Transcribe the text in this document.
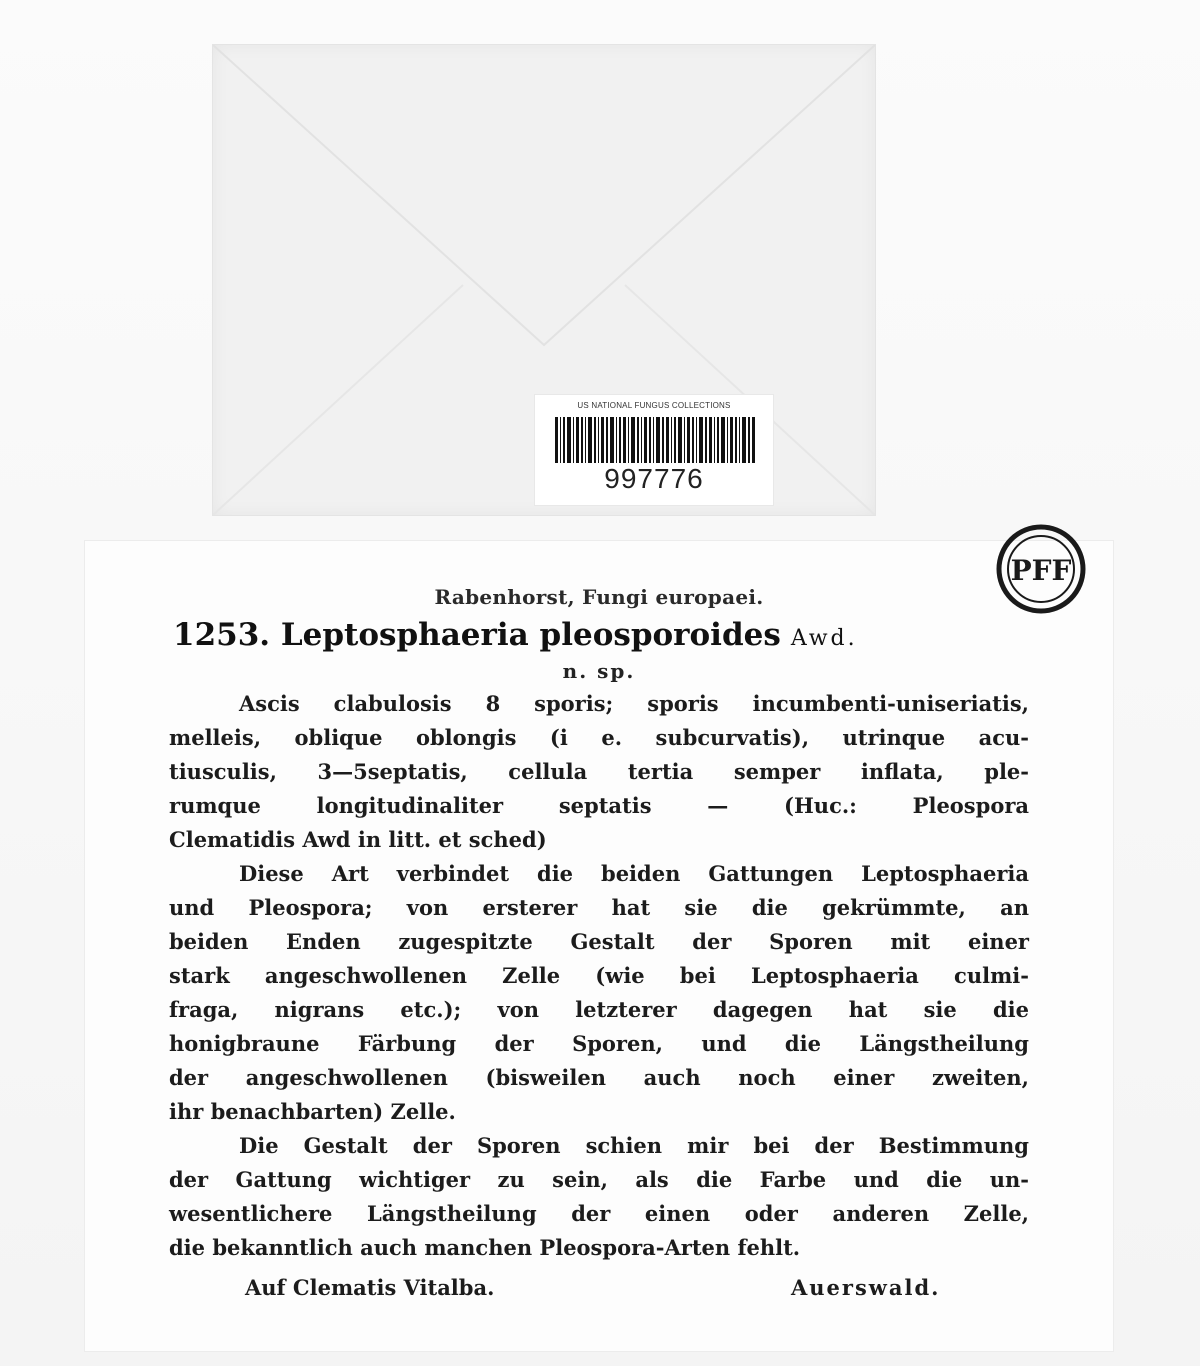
US NATIONAL FUNGUS COLLECTIONS
997776
Rabenhorst, Fungi europaei.
1253. Leptosphaeria pleosporoides Awd.
n. sp.
Ascis clabulosis 8 sporis; sporis incumbenti-uniseriatis,
melleis, oblique oblongis (i e. subcurvatis), utrinque acu-
tiusculis, 3—5septatis, cellula tertia semper inflata, ple-
rumque longitudinaliter septatis — (Huc.: Pleospora
Clematidis Awd in litt. et sched)
Diese Art verbindet die beiden Gattungen Leptosphaeria
und Pleospora; von ersterer hat sie die gekrümmte, an
beiden Enden zugespitzte Gestalt der Sporen mit einer
stark angeschwollenen Zelle (wie bei Leptosphaeria culmi-
fraga, nigrans etc.); von letzterer dagegen hat sie die
honigbraune Färbung der Sporen, und die Längstheilung
der angeschwollenen (bisweilen auch noch einer zweiten,
ihr benachbarten) Zelle.
Die Gestalt der Sporen schien mir bei der Bestimmung
der Gattung wichtiger zu sein, als die Farbe und die un-
wesentlichere Längstheilung der einen oder anderen Zelle,
die bekanntlich auch manchen Pleospora-Arten fehlt.
Auf Clematis Vitalba.	Auerswald.
PFF
